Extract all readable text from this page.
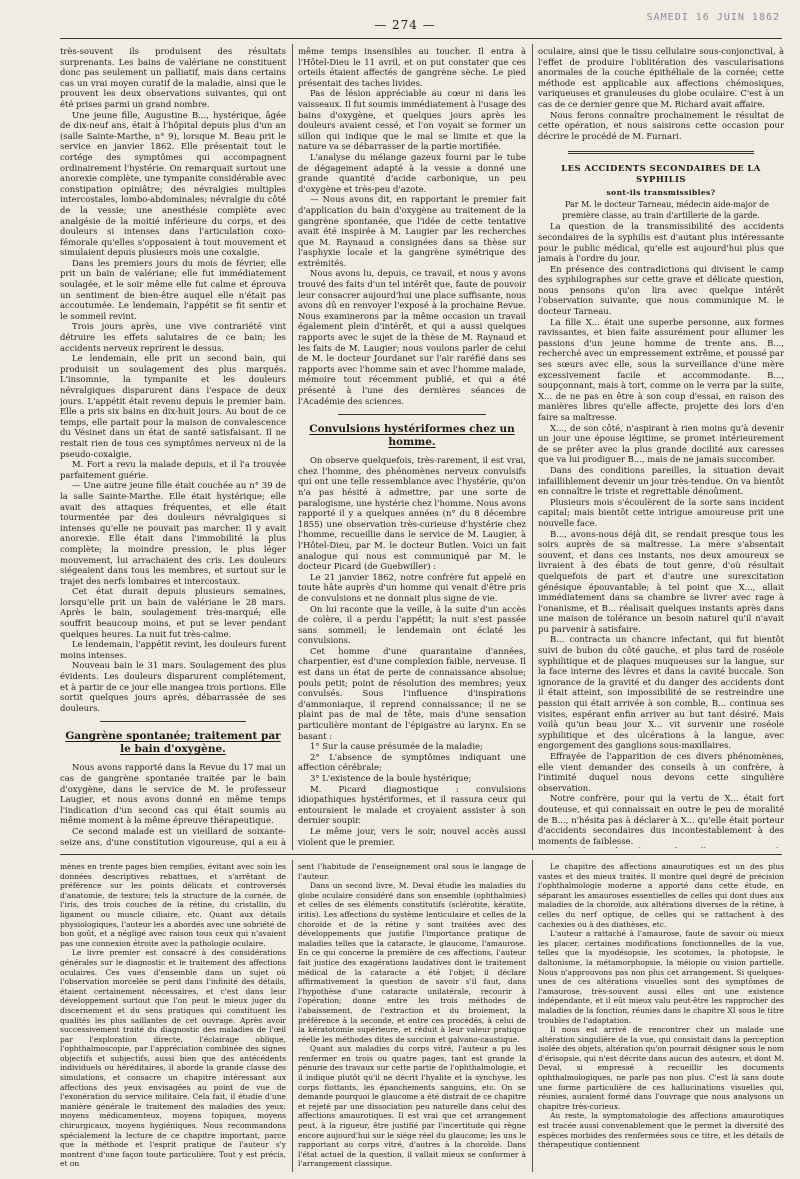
— 274 —
SAMEDI 16 JUIN 1862

très-souvent ils produisent des résultats surprenants. Les bains de valériane ne constituent donc pas seulement un palliatif, mais dans certains cas un vrai moyen curatif de la maladie, ainsi que le prouvent les deux observations suivantes, qui ont été prises parmi un grand nombre.

Une jeune fille, Augustine B..., hystérique, âgée de dix-neuf ans, était à l'hôpital depuis plus d'un an (salle Sainte-Marthe, n° 9), lorsque M. Beau prit le service en janvier 1862. Elle présentait tout le cortége des symptômes qui accompagnent ordinairement l'hystérie. On remarquait surtout une anorexie complète, une tympanite considérable avec constipation opiniâtre; des névralgies multiples intercostales, lombo-abdominales; névralgie du côté de la vessie; une anesthésie complète avec analgésie de la moitié inférieure du corps, et des douleurs si intenses dans l'articulation coxo-fémorale qu'elles s'opposaient à tout mouvement et simulaient depuis plusieurs mois une coxalgie.

Dans les premiers jours du mois de février, elle prit un bain de valériane; elle fut immédiatement soulagée, et le soir même elle fut calme et éprouva un sentiment de bien-être auquel elle n'était pas accoutumée. Le lendemain, l'appétit se fit sentir et le sommeil revint.

Trois jours après, une vive contrariété vint détruire les effets salutaires de ce bain; les accidents nerveux reprirent le dessus.

Le lendemain, elle prit un second bain, qui produisit un soulagement des plus marqués. L'insomnie, la tympanite et les douleurs névralgiques disparurent dans l'espace de deux jours. L'appétit était revenu depuis le premier bain. Elle a pris six bains en dix-huit jours. Au bout de ce temps, elle partait pour la maison de convalescence du Vésinet dans un état de santé satisfaisant. Il ne restait rien de tous ces symptômes nerveux ni de la pseudo-coxalgie.

M. Fort a revu la malade depuis, et il l'a trouvée parfaitement guérie.

— Une autre jeune fille était couchée au n° 39 de la salle Sainte-Marthe. Elle était hystérique; elle avait des attaques fréquentes, et elle était tourmentée par des douleurs névralgiques si intenses qu'elle ne pouvait pas marcher. Il y avait anorexie. Elle était dans l'immobilité la plus complète; la moindre pression, le plus léger mouvement, lui arrachaient des cris. Les douleurs siégeaient dans tous les membres, et surtout sur le trajet des nerfs lombaires et intercostaux.

Cet état durait depuis plusieurs semaines, lorsqu'elle prit un bain de valériane le 28 mars. Après le bain, soulagement très-marqué; elle souffrit beaucoup moins, et put se lever pendant quelques heures. La nuit fut très-calme.

Le lendemain, l'appétit revint, les douleurs furent moins intenses.

Nouveau bain le 31 mars. Soulagement des plus évidents. Les douleurs disparurent complétement, et à partir de ce jour elle mangea trois portions. Elle sortit quelques jours après, débarrassée de ses douleurs.

Gangrène spontanée; traitement par le bain d'oxygène.

Nous avons rapporté dans la Revue du 17 mai un cas de gangrène spontanée traitée par le bain d'oxygène, dans le service de M. le professeur Laugier, et nous avons donné en même temps l'indication d'un second cas qui était soumis au même moment à la même épreuve thérapeutique.

Ce second malade est un vieillard de soixante-seize ans, d'une constitution vigoureuse, qui a eu à

même temps insensibles au toucher. Il entra à l'Hôtel-Dieu le 11 avril, et on put constater que ces orteils étaient affectés de gangrène sèche. Le pied présentait des taches livides.

Pas de lésion appréciable au cœur ni dans les vaisseaux. Il fut soumis immédiatement à l'usage des bains d'oxygène, et quelques jours après les douleurs avaient cessé, et l'on voyait se former un sillon qui indique que le mal se limite et que la nature va se débarrasser de la partie mortifiée.

L'analyse du mélange gazeux fourni par le tube de dégagement adapté à la vessie a donné une grande quantité d'acide carbonique, un peu d'oxygène et très-peu d'azote.

— Nous avons dit, en rapportant le premier fait d'application du bain d'oxygène au traitement de la gangrène spontanée, que l'idée de cette tentative avait été inspirée à M. Laugier par les recherches que M. Raynaud a consignées dans sa thèse sur l'asphyxie locale et la gangrène symétrique des extrémités.

Nous avons lu, depuis, ce travail, et nous y avons trouvé des faits d'un tel intérêt que, faute de pouvoir leur consacrer aujourd'hui une place suffisante, nous avons dû en renvoyer l'exposé à la prochaine Revue. Nous examinerons par la même occasion un travail également plein d'intérêt, et qui a aussi quelques rapports avec le sujet de la thèse de M. Raynaud et les faits de M. Laugier; nous voulons parler de celui de M. le docteur Jourdanet sur l'air raréfié dans ses rapports avec l'homme sain et avec l'homme malade, mémoire tout récemment publié, et qui a été présenté à l'une des dernières séances de l'Académie des sciences.

Convulsions hystériformes chez un homme.

On observe quelquefois, très-rarement, il est vrai, chez l'homme, des phénomènes nerveux convulsifs qui ont une telle ressemblance avec l'hystérie, qu'on n'a pas hésité à admettre, par une sorte de paralogisme, une hystérie chez l'homme. Nous avons rapporté il y a quelques années (n° du 8 décembre 1855) une observation très-curieuse d'hystérie chez l'homme, recueillie dans le service de M. Laugier, à l'Hôtel-Dieu, par M. le docteur Butlen. Voici un fait analogue qui nous est communiqué par M. le docteur Picard (de Guebwiller) :

Le 21 janvier 1862, notre confrère fut appelé en toute hâte auprès d'un homme qui venait d'être pris de convulsions et ne donnait plus signe de vie.

On lui raconte que la veille, à la suite d'un accès de colère, il a perdu l'appétit; la nuit s'est passée sans sommeil; le lendemain ont éclaté les convulsions.

Cet homme d'une quarantaine d'années, charpentier, est d'une complexion faible, nerveuse. Il est dans un état de perte de connaissance absolue; pouls petit; point de résolution des membres; yeux convulsés. Sous l'influence d'inspirations d'ammoniaque, il reprend connaissance; il ne se plaint pas de mal de tête, mais d'une sensation particulière montant de l'épigastre au larynx. En se basant :

1° Sur la cause présumée de la maladie;

2° L'absence de symptômes indiquant une affection cérébrale;

3° L'existence de la boule hystérique;

M. Picard diagnostique : convulsions idiopathiques hystériformes, et il rassura ceux qui entouraient le malade et croyaient assister à son dernier soupir.

Le même jour, vers le soir, nouvel accès aussi violent que le premier.

oculaire, ainsi que le tissu cellulaire sous-conjonctival, à l'effet de produire l'oblitération des vascularisations anormales de la couche épithéliale de la cornée; cette méthode est applicable aux affections chémosiques, variqueuses et granuleuses du globe oculaire. C'est à un cas de ce dernier genre que M. Richard avait affaire.

Nous ferons connaître prochainement le résultat de cette opération, et nous saisirons cette occasion pour décrire le procédé de M. Furnari.

LES ACCIDENTS SECONDAIRES DE LA SYPHILIS
sont-ils transmissibles?

Par M. le docteur Tarneau, médecin aide-major de première classe, au train d'artillerie de la garde.

La question de la transmissibilité des accidents secondaires de la syphilis est d'autant plus intéressante pour le public médical, qu'elle est aujourd'hui plus que jamais à l'ordre du jour.

En présence des contradictions qui divisent le camp des syphilographes sur cette grave et délicate question, nous pensons qu'on lira avec quelque intérêt l'observation suivante, que nous communique M. le docteur Tarneau.

La fille X... était une superbe personne, aux formes ravissantes, et bien faite assurément pour allumer les passions d'un jeune homme de trente ans. B..., recherché avec un empressement extrême, et poussé par ses sœurs avec elle, sous la surveillance d'une mère excessivement facile et accommodante. B..., soupçonnant, mais à tort, comme on le verra par la suite, X... de ne pas en être à son coup d'essai, en raison des manières libres qu'elle affecte, projette des lors d'en faire sa maîtresse.

X..., de son côté, n'aspirant à rien moins qu'à devenir un jour une épouse légitime, se promet intérieurement de se prêter avec la plus grande docilité aux caresses que va lui prodiguer B..., mais de ne jamais succomber.

Dans des conditions pareilles, la situation devait infailliblement devenir un jour très-tendue. On va bientôt en connaître le triste et regrettable dénoûment.

Plusieurs mois s'écoulèrent de la sorte sans incident capital; mais bientôt cette intrigue amoureuse prit une nouvelle face.

B..., avons-nous déjà dit, se rendait presque tous les soirs auprès de sa maîtresse. La mère s'absentait souvent, et dans ces instants, nos deux amoureux se livraient à des ébats de tout genre, d'où résultait quelquefois de part et d'autre une surexcitation génésique épouvantable; à tel point que X..., allait immédiatement dans sa chambre se livrer avec rage à l'onanisme, et B... réalisait quelques instants après dans une maison de tolérance un besoin naturel qu'il n'avait pu parvenir à satisfaire.

B... contracta un chancre infectant, qui fut bientôt suivi de bubon du côté gauche, et plus tard de roséole syphilitique et de plaques muqueuses sur la langue, sur la face interne des lèvres et dans la cavité buccale. Son ignorance de la gravité et du danger des accidents dont il était atteint, son impossibilité de se restreindre une passion qui était arrivée à son comble, B... continua ses visites, espérant enfin arriver au but tant désiré. Mais voilà qu'un beau jour X... vit survenir une roséole syphilitique et des ulcérations à la langue, avec engorgement des ganglions sous-maxillaires.

Effrayée de l'apparition de ces divers phénomènes, elle vient demander des conseils à un confrère, à l'intimité duquel nous devons cette singulière observation.

Notre confrère, pour qui la vertu de X... était fort douteuse, et qui connaissait en outre le peu de moralité de B..., n'hésita pas à déclarer à X... qu'elle était porteur d'accidents secondaires dus incontestablement à des moments de faiblesse.

mènes en trente pages bien remplies, évitant avec soin les données descriptives rebattues, et s'arrêtant de préférence sur les points délicats et controversés d'anatomie, de texture; tels la structure de la cornée, de l'iris, des trois couches de la rétine, du cristallin, du ligament ou muscle ciliaire, etc. Quant aux détails physiologiques, l'auteur les a abordés avec une sobriété de bon goût, et a négligé avec raison tous ceux qui n'avaient pas une connexion étroite avec la pathologie oculaire.

Le livre premier est consacré à des considérations générales sur le diagnostic et le traitement des affections oculaires. Ces vues d'ensemble dans un sujet où l'observation morcelée se perd dans l'infinité des détails, étaient certainement nécessaires, et c'est dans leur développement surtout que l'on peut le mieux juger du discernement et du sens pratiques qui constituent les qualités les plus saillantes de cet ouvrage. Après avoir successivement traité du diagnostic des maladies de l'œil par l'exploration directe, l'éclairage oblique, l'ophthalmoscopie, par l'appréciation combinée des signes objectifs et subjectifs, aussi bien que des antécédents individuels ou héréditaires, il aborde la grande classe des simulations, et consacre un chapitre intéressant aux affections des yeux envisagées au point de vue de l'exonération du service militaire. Cela fait, il étudie d'une manière générale le traitement des maladies des yeux: moyens médicamenteux, moyens topiques, moyens chirurgicaux, moyens hygiéniques. Nous recommandons spécialement la lecture de ce chapitre important, parce que la méthode et l'esprit pratique de l'auteur s'y montrent d'une façon toute particulière. Tout y est précis, et on

sent l'habitude de l'enseignement oral sous le langage de l'auteur.

Dans un second livre, M. Deval étudie les maladies du globe oculaire considéré dans son ensemble (ophthalmies) et celles de ses éléments constitutifs (sclérotite, kératite, iritis). Les affections du système lenticulaire et celles de la choroïde et de la rétine y sont traitées avec des développements que justifie l'importance pratique de maladies telles que la cataracte, le glaucome, l'amaurose. En ce qui concerne la première de ces affections, l'auteur fait justice des exagérations laudatives dont le traitement médical de la cataracte a été l'objet; il déclare affirmativement la question de savoir s'il faut, dans l'hypothèse d'une cataracte unilatérale, recourir à l'opération; donne entre les trois méthodes de l'abaissement, de l'extraction et du broiement, la préférence à la seconde, et entre ces procédés, à celui de la kératotomie supérieure, et réduit à leur valeur pratique réelle les méthodes dites de succion et galvano-caustique.

Quant aux maladies du corps vitré, l'auteur a pu les renfermer en trois ou quatre pages, tant est grande la pénurie des travaux sur cette partie de l'ophthalmologie, et il indique plutôt qu'il ne décrit l'hyalite et la synchyse, les corps flottants, les épanchements sanguins, etc. On se demande pourquoi le glaucome a été distrait de ce chapitre et rejeté par une dissociation peu naturelle dans celui des affections amaurotiques. Il est vrai que cet arrangement peut, à la rigueur, être justifié par l'incertitude qui règne encore aujourd'hui sur le siége réel du glaucome; les uns le rapportant au corps vitré, d'autres à la choroïde. Dans l'état actuel de la question, il vallait mieux se conformer à l'arrangement classique.

Le chapitre des affections amaurotiques est un des plus vastes et des mieux traités. Il montre quel degré de précision l'ophthalmologie moderne a apporté dans cette étude, en séparant les amauroses essentielles de celles qui dont dues aux maladies de la choroïde, aux altérations diverses de la rétine, à celles du nerf optique, de celles qui se rattachent à des cachexies ou à des diathèses, etc.

L'auteur a rattaché à l'amaurose, faute de savoir où mieux les placer, certaines modifications fonctionnelles de la vue, telles que la myodésopsie, les scotomes, la photopsie, le daltonisme, la métamorphopsie, la méiopie ou vision partielle. Nous n'approuvons pas non plus cet arrangement. Si quelques-unes de ces altérations visuelles sont des symptômes de l'amaurose, très-souvent aussi elles ont une existence indépendante, et il eût mieux valu peut-être les rapprocher des maladies de la fonction, réunies dans le chapitre XI sous le titre troubles de l'adaptation.

Il nous est arrivé de rencontrer chez un malade une altération singulière de la vue, qui consistait dans la perception isolée des objets, altération qu'on pourrait désigner sous le nom d'érisopsie, qui n'est décrite dans aucun des auteurs, et dont M. Deval, si empressé à recueillir les documents ophthalmologiques, ne parle pas non plus. C'est là sans doute une forme particulière de ces hallucinations visuelles qui, réunies, auraient formé dans l'ouvrage que nous analysons un chapitre très-curieux.

Au reste, la symptomatologie des affections amaurotiques est tracée aussi convenablement que le permet la diversité des espèces morbides des renfermées sous ce titre, et les détails de thérapeutique contiennent
